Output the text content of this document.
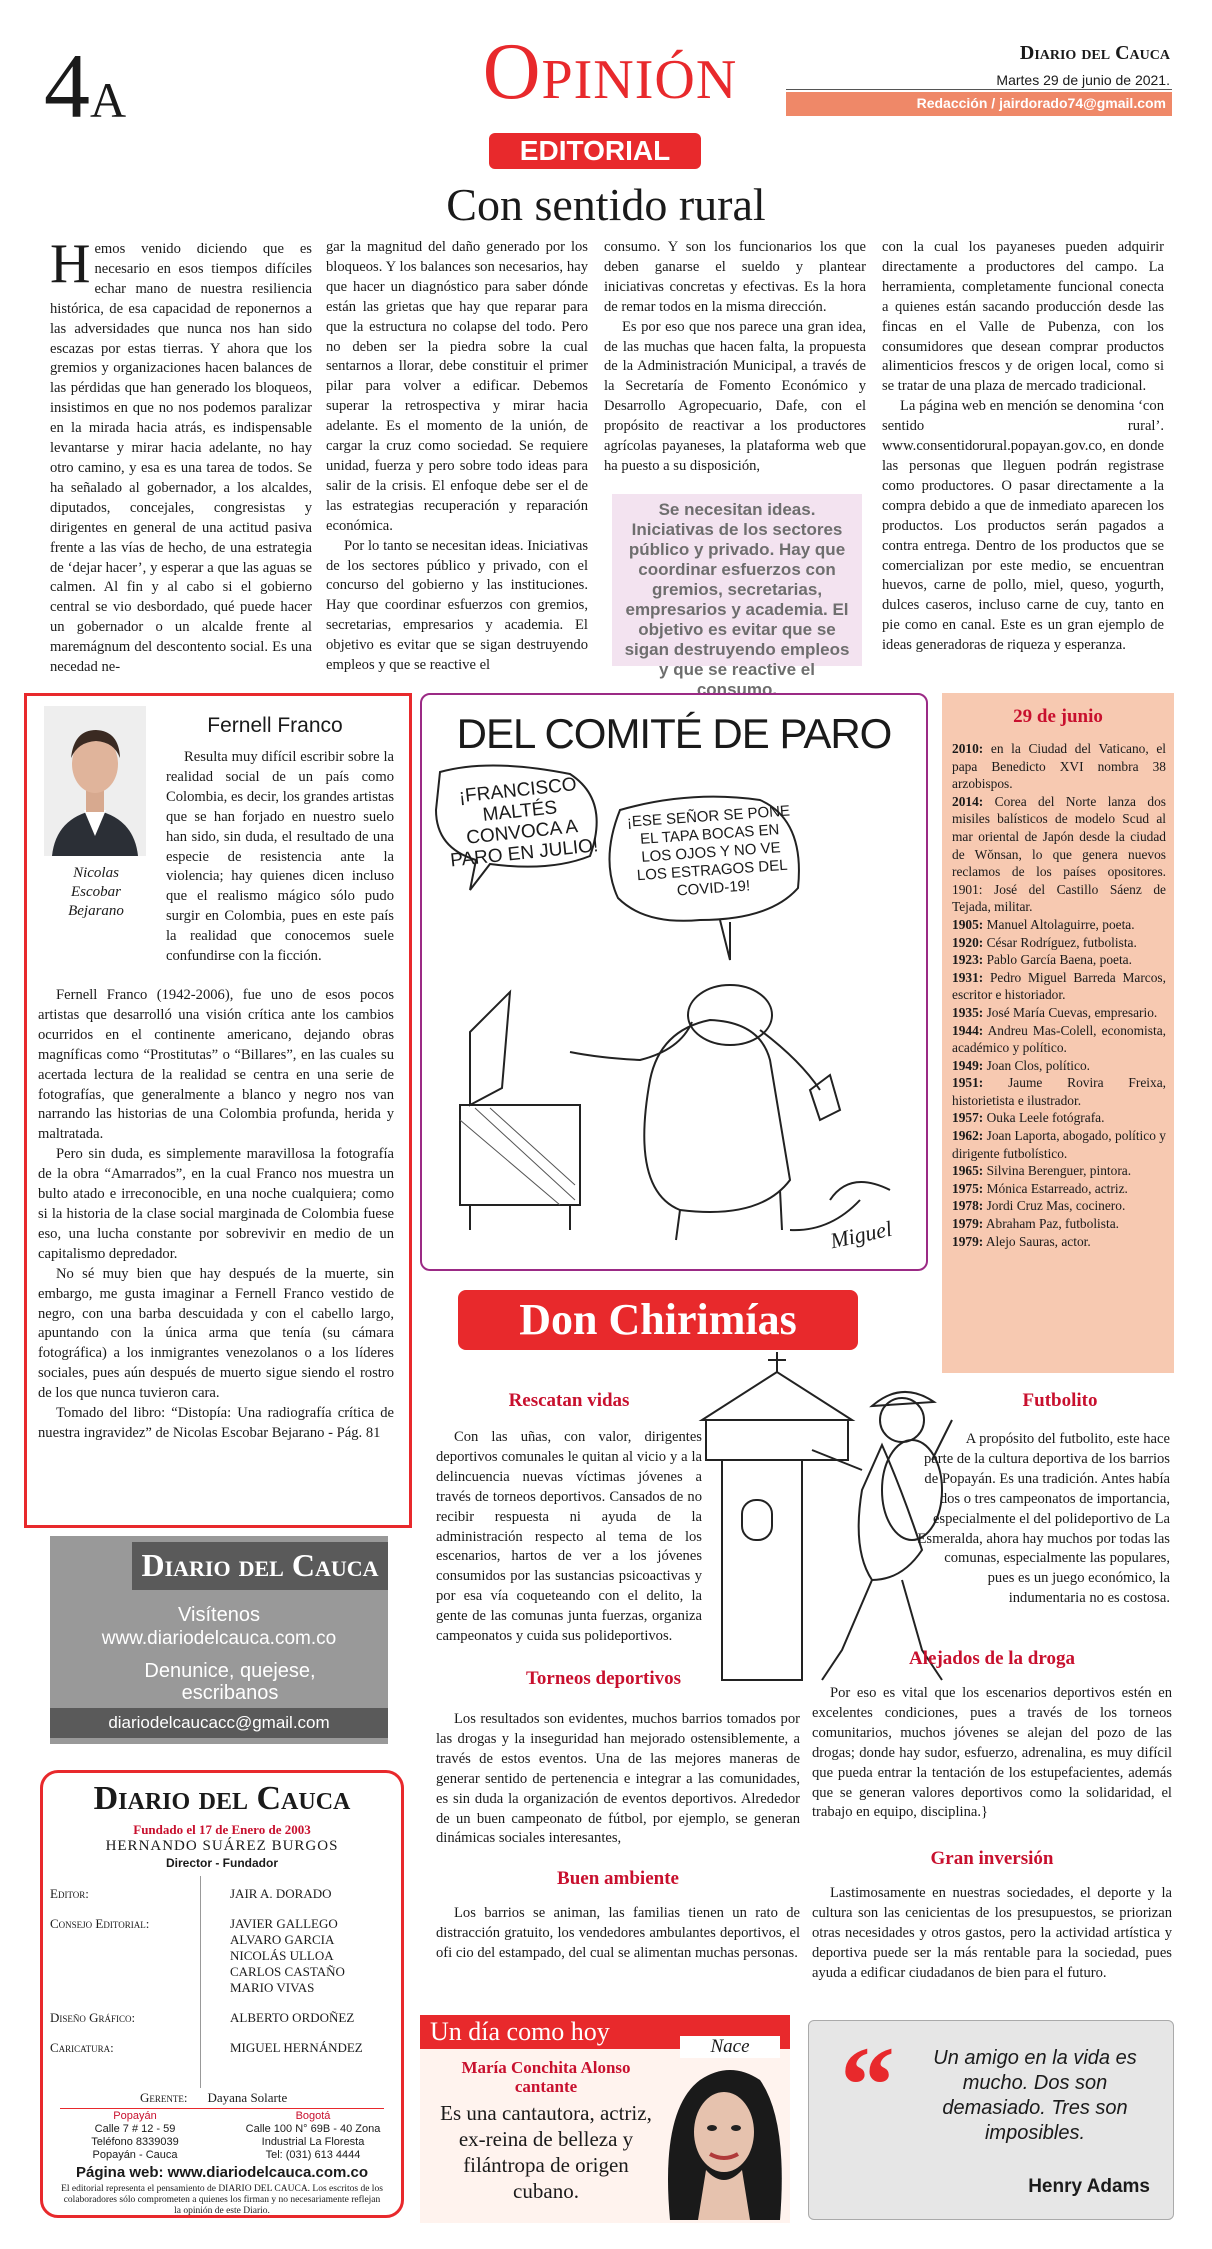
4A	Opinión	Diario del Cauca
Martes 29 de junio de 2021.
Redacción / jairdorado74@gmail.com
EDITORIAL
Con sentido rural
H emos venido diciendo que es necesario en esos tiempos difíciles echar mano de nuestra resiliencia histórica, de esa capacidad de reponernos a las adversidades que nunca nos han sido escazas por estas tierras. Y ahora que los gremios y organizaciones hacen balances de las pérdidas que han generado los bloqueos, insistimos en que no nos podemos paralizar en la mirada hacia atrás, es indispensable levantarse y mirar hacia adelante, no hay otro camino, y esa es una tarea de todos. Se ha señalado al gobernador, a los alcaldes, diputados, concejales, congresistas y dirigentes en general de una actitud pasiva frente a las vías de hecho, de una estrategia de ‘dejar hacer’, y esperar a que las aguas se calmen. Al fin y al cabo si el gobierno central se vio desbordado, qué puede hacer un gobernador o un alcalde frente al maremágnum del descontento social. Es una necedad ne-

gar la magnitud del daño generado por los bloqueos. Y los balances son necesarios, hay que hacer un diagnóstico para saber dónde están las grietas que hay que reparar para que la estructura no colapse del todo. Pero no deben ser la piedra sobre la cual sentarnos a llorar, debe constituir el primer pilar para volver a edificar. Debemos superar la retrospectiva y mirar hacia adelante. Es el momento de la unión, de cargar la cruz como sociedad. Se requiere unidad, fuerza y pero sobre todo ideas para salir de la crisis. El enfoque debe ser el de las estrategias recuperación y reparación económica.

Por lo tanto se necesitan ideas. Iniciativas de los sectores público y privado, con el concurso del gobierno y las instituciones. Hay que coordinar esfuerzos con gremios, secretarias, empresarios y academia. El objetivo es evitar que se sigan destruyendo empleos y que se reactive el

consumo. Y son los funcionarios los que deben ganarse el sueldo y plantear iniciativas concretas y efectivas. Es la hora de remar todos en la misma dirección.

Es por eso que nos parece una gran idea, de las muchas que hacen falta, la propuesta de la Administración Municipal, a través de la Secretaría de Fomento Económico y Desarrollo Agropecuario, Dafe, con el propósito de reactivar a los productores agrícolas payaneses, la plataforma web que ha puesto a su disposición,

Se necesitan ideas. Iniciativas de los sectores público y privado. Hay que coordinar esfuerzos con gremios, secretarias, empresarios y academia. El objetivo es evitar que se sigan destruyendo empleos y que se reactive el consumo.

con la cual los payaneses pueden adquirir directamente a productores del campo. La herramienta, completamente funcional conecta a quienes están sacando producción desde las fincas en el Valle de Pubenza, con los consumidores que desean comprar productos alimenticios frescos y de origen local, como si se tratar de una plaza de mercado tradicional.

La página web en mención se denomina ‘con sentido rural’. www.consentidorural.popayan.gov.co, en donde las personas que lleguen podrán registrase como productores. O pasar directamente a la compra debido a que de inmediato aparecen los productos. Los productos serán pagados a contra entrega. Dentro de los productos que se comercializan por este medio, se encuentran huevos, carne de pollo, miel, queso, yogurth, dulces caseros, incluso carne de cuy, tanto en pie como en canal. Este es un gran ejemplo de ideas generadoras de riqueza y esperanza.

Nicolas Escobar Bejarano
Fernell Franco

Resulta muy difícil escribir sobre la realidad social de un país como Colombia, es decir, los grandes artistas que se han forjado en nuestro suelo han sido, sin duda, el resultado de una especie de resistencia ante la violencia; hay quienes dicen incluso que el realismo mágico sólo pudo surgir en Colombia, pues en este país la realidad que conocemos suele confundirse con la ficción.

Fernell Franco (1942-2006), fue uno de esos pocos artistas que desarrolló una visión crítica ante los cambios ocurridos en el continente americano, dejando obras magníficas como “Prostitutas” o “Billares”, en las cuales su acertada lectura de la realidad se centra en una serie de fotografías, que generalmente a blanco y negro nos van narrando las historias de una Colombia profunda, herida y maltratada.

Pero sin duda, es simplemente maravillosa la fotografía de la obra “Amarrados”, en la cual Franco nos muestra un bulto atado e irreconocible, en una noche cualquiera; como si la historia de la clase social marginada de Colombia fuese eso, una lucha constante por sobrevivir en medio de un capitalismo depredador.

No sé muy bien que hay después de la muerte, sin embargo, me gusta imaginar a Fernell Franco vestido de negro, con una barba descuidada y con el cabello largo, apuntando con la única arma que tenía (su cámara fotográfica) a los inmigrantes venezolanos o a los líderes sociales, pues aún después de muerto sigue siendo el rostro de los que nunca tuvieron cara.

Tomado del libro: “Distopía: Una radiografía crítica de nuestra ingravidez” de Nicolas Escobar Bejarano - Pág. 81

DEL COMITÉ DE PARO
¡FRANCISCO MALTÉS CONVOCA A PARO EN JULIO!
¡ESE SEÑOR SE PONE EL TAPA BOCAS EN LOS OJOS Y NO VE LOS ESTRAGOS DEL COVID-19!
Miguel
29 de junio
2010: en la Ciudad del Vaticano, el papa Benedicto XVI nombra 38 arzobispos.
2014: Corea del Norte lanza dos misiles balísticos de modelo Scud al mar oriental de Japón desde la ciudad de Wŏnsan, lo que genera nuevos reclamos de los países opositores. 1901: José del Castillo Sáenz de Tejada, militar.
1905: Manuel Altolaguirre, poeta.
1920: César Rodríguez, futbolista.
1923: Pablo García Baena, poeta.
1931: Pedro Miguel Barreda Marcos, escritor e historiador.
1935: José María Cuevas, empresario.
1944: Andreu Mas-Colell, economista, académico y político.
1949: Joan Clos, político.
1951: Jaume Rovira Freixa, historietista e ilustrador.
1957: Ouka Leele fotógrafa.
1962: Joan Laporta, abogado, político y dirigente futbolístico.
1965: Silvina Berenguer, pintora.
1975: Mónica Estarreado, actriz.
1978: Jordi Cruz Mas, cocinero.
1979: Abraham Paz, futbolista.
1979: Alejo Sauras, actor.
Don Chirimías
Rescatan vidas

Con las uñas, con valor, dirigentes deportivos comunales le quitan al vicio y a la delincuencia nuevas víctimas jóvenes a través de torneos deportivos. Cansados de no recibir respuesta ni ayuda de la administración respecto al tema de los escenarios, hartos de ver a los jóvenes consumidos por las sustancias psicoactivas y por esa vía coqueteando con el delito, la gente de las comunas junta fuerzas, organiza campeonatos y cuida sus polideportivos.

Torneos deportivos

Los resultados son evidentes, muchos barrios tomados por las drogas y la inseguridad han mejorado ostensiblemente, a través de estos eventos. Una de las mejores maneras de generar sentido de pertenencia e integrar a las comunidades, es sin duda la organización de eventos deportivos. Alrededor de un buen campeonato de fútbol, por ejemplo, se generan dinámicas sociales interesantes,

Buen ambiente

Los barrios se animan, las familias tienen un rato de distracción gratuito, los vendedores ambulantes deportivos, el ofi cio del estampado, del cual se alimentan muchas personas.

Futbolito

A propósito del futbolito, este hace parte de la cultura deportiva de los barrios de Popayán. Es una tradición. Antes había dos o tres campeonatos de importancia, especialmente el del polideportivo de La Esmeralda, ahora hay muchos por todas las comunas, especialmente las populares, pues es un juego económico, la indumentaria no es costosa.

Alejados de la droga

Por eso es vital que los escenarios deportivos estén en excelentes condiciones, pues a través de los torneos comunitarios, muchos jóvenes se alejan del pozo de las drogas; donde hay sudor, esfuerzo, adrenalina, es muy difícil que pueda entrar la tentación de los estupefacientes, además que se generan valores deportivos como la solidaridad, el trabajo en equipo, disciplina.}

Gran inversión

Lastimosamente en nuestras sociedades, el deporte y la cultura son las cenicientas de los presupuestos, se priorizan otras necesidades y otros gastos, pero la actividad artística y deportiva puede ser la más rentable para la sociedad, pues ayuda a edificar ciudadanos de bien para el futuro.

Diario del Cauca
Visítenos
www.diariodelcauca.com.co
Denunice, quejese, escribanos
diariodelcaucacc@gmail.com
Diario del Cauca
Fundado el 17 de Enero de 2003
HERNANDO SUÁREZ BURGOS
Director - Fundador
Editor:	JAIR A. DORADO
Consejo Editorial:	JAVIER GALLEGO
ALVARO GARCIA
NICOLÁS ULLOA
CARLOS CASTAÑO
MARIO VIVAS
Diseño Gráfico:	ALBERTO ORDOÑEZ
Caricatura:	MIGUEL HERNÁNDEZ
Gerente: Dayana Solarte
Popayán
Calle 7 # 12 - 59
Teléfono 8339039
Popayán - Cauca
Bogotá
Calle 100 N° 69B - 40 Zona
Industrial La Floresta
Tel: (031) 613 4444
Página web: www.diariodelcauca.com.co
El editorial representa el pensamiento de DIARIO DEL CAUCA. Los escritos de los colaboradores sólo comprometen a quienes los firman y no necesariamente reflejan la opinión de este Diario.
Un día como hoy
Nace
María Conchita Alonso cantante
Es una cantautora, actriz, ex-reina de belleza y filántropa de origen cubano.
“ Un amigo en la vida es mucho. Dos son demasiado. Tres son imposibles.
Henry Adams
